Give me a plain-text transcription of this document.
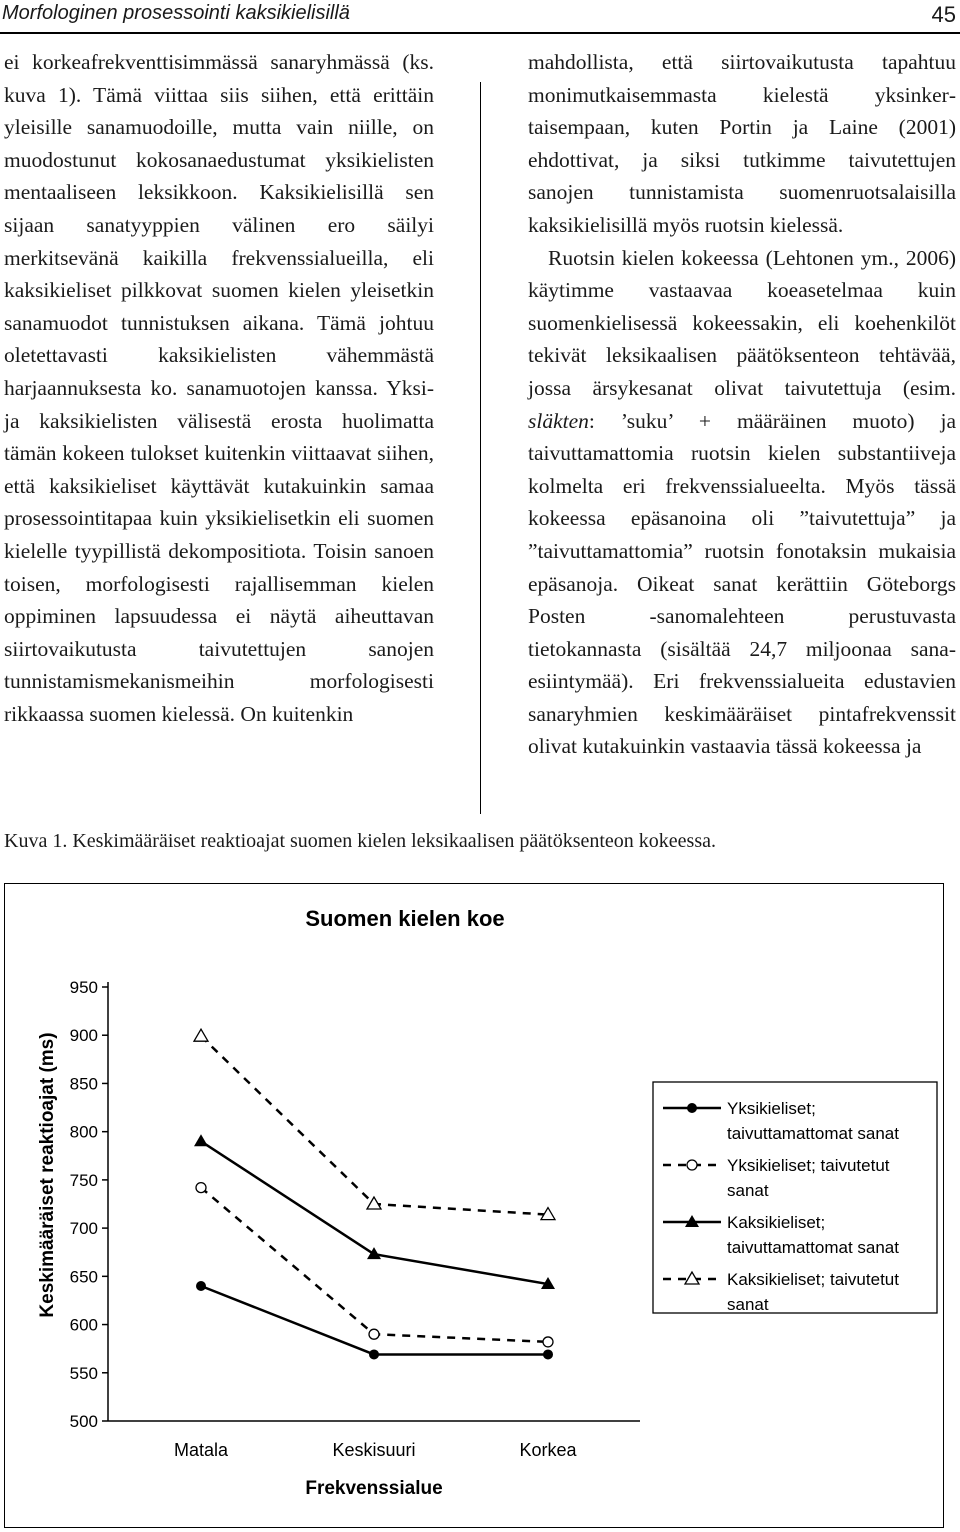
Morfologinen prosessointi kaksikielisillä	45

ei korkeafrekventtisimmässä sanaryhmässä (ks. kuva 1). Tämä viittaa siis siihen, että erittäin yleisille sanamuodoille, mutta vain niille, on muodostunut kokosanaedustumat yksikielisten mentaaliseen leksikkoon. Kaksikielisillä sen sijaan sanatyyppien välinen ero säilyi merkitsevänä kaikilla frekvenssialueilla, eli kaksikieliset pilkkovat suomen kielen yleisetkin sanamuodot tunnistuksen aikana. Tämä johtuu oletettavasti kaksikielisten vähemmästä harjaannuksesta ko. sanamuotojen kanssa. Yksi- ja kaksikielisten välisestä erosta huolimatta tämän kokeen tulokset kuitenkin viittaavat siihen, että kaksikieliset käyttävät kutakuinkin samaa prosessointitapaa kuin yksikielisetkin eli suomen kielelle tyypillistä dekompositiota. Toisin sanoen toisen, morfologisesti rajallisemman kielen oppiminen lapsuudessa ei näytä aiheuttavan siirtovaikutusta taivutettujen sanojen tunnistamismekanismeihin morfologisesti rikkaassa suomen kielessä. On kuitenkin

mahdollista, että siirtovaikutusta tapahtuu monimutkaisemmasta kielestä yksinkertaisempaan, kuten Portin ja Laine (2001) ehdottivat, ja siksi tutkimme taivutettujen sanojen tunnistamista suomenruotsalaisilla kaksikielisillä myös ruotsin kielessä.

Ruotsin kielen kokeessa (Lehtonen ym., 2006) käytimme vastaavaa koeasetelmaa kuin suomenkielisessä kokeessakin, eli koehenkilöt tekivät leksikaalisen päätöksenteon tehtävää, jossa ärsykesanat olivat taivutettuja (esim. släkten: ’suku’ + määräinen muoto) ja taivuttamattomia ruotsin kielen substantiiveja kolmelta eri frekvenssialueelta. Myös tässä kokeessa epäsanoina oli ”taivutettuja” ja ”taivuttamattomia” ruotsin fonotaksin mukaisia epäsanoja. Oikeat sanat kerättiin Göteborgs Posten -sanomalehteen perustuvasta tietokannasta (sisältää 24,7 miljoonaa sanaesiintymää). Eri frekvenssialueita edustavien sanaryhmien keskimääräiset pintafrekvenssit olivat kutakuinkin vastaavia tässä kokeessa ja

Kuva 1. Keskimääräiset reaktioajat suomen kielen leksikaalisen päätöksenteon kokeessa.
Suomen kielen koe
Keskimääräiset reaktioajat (ms)
Frekvenssialue
500
550
600
650
700
750
800
850
900
950
Matala	Keskisuuri	Korkea
Yksikieliset;
taivuttamattomat sanat
Yksikieliset; taivutetut
sanat
Kaksikieliset;
taivuttamattomat sanat
Kaksikieliset; taivutetut
sanat
